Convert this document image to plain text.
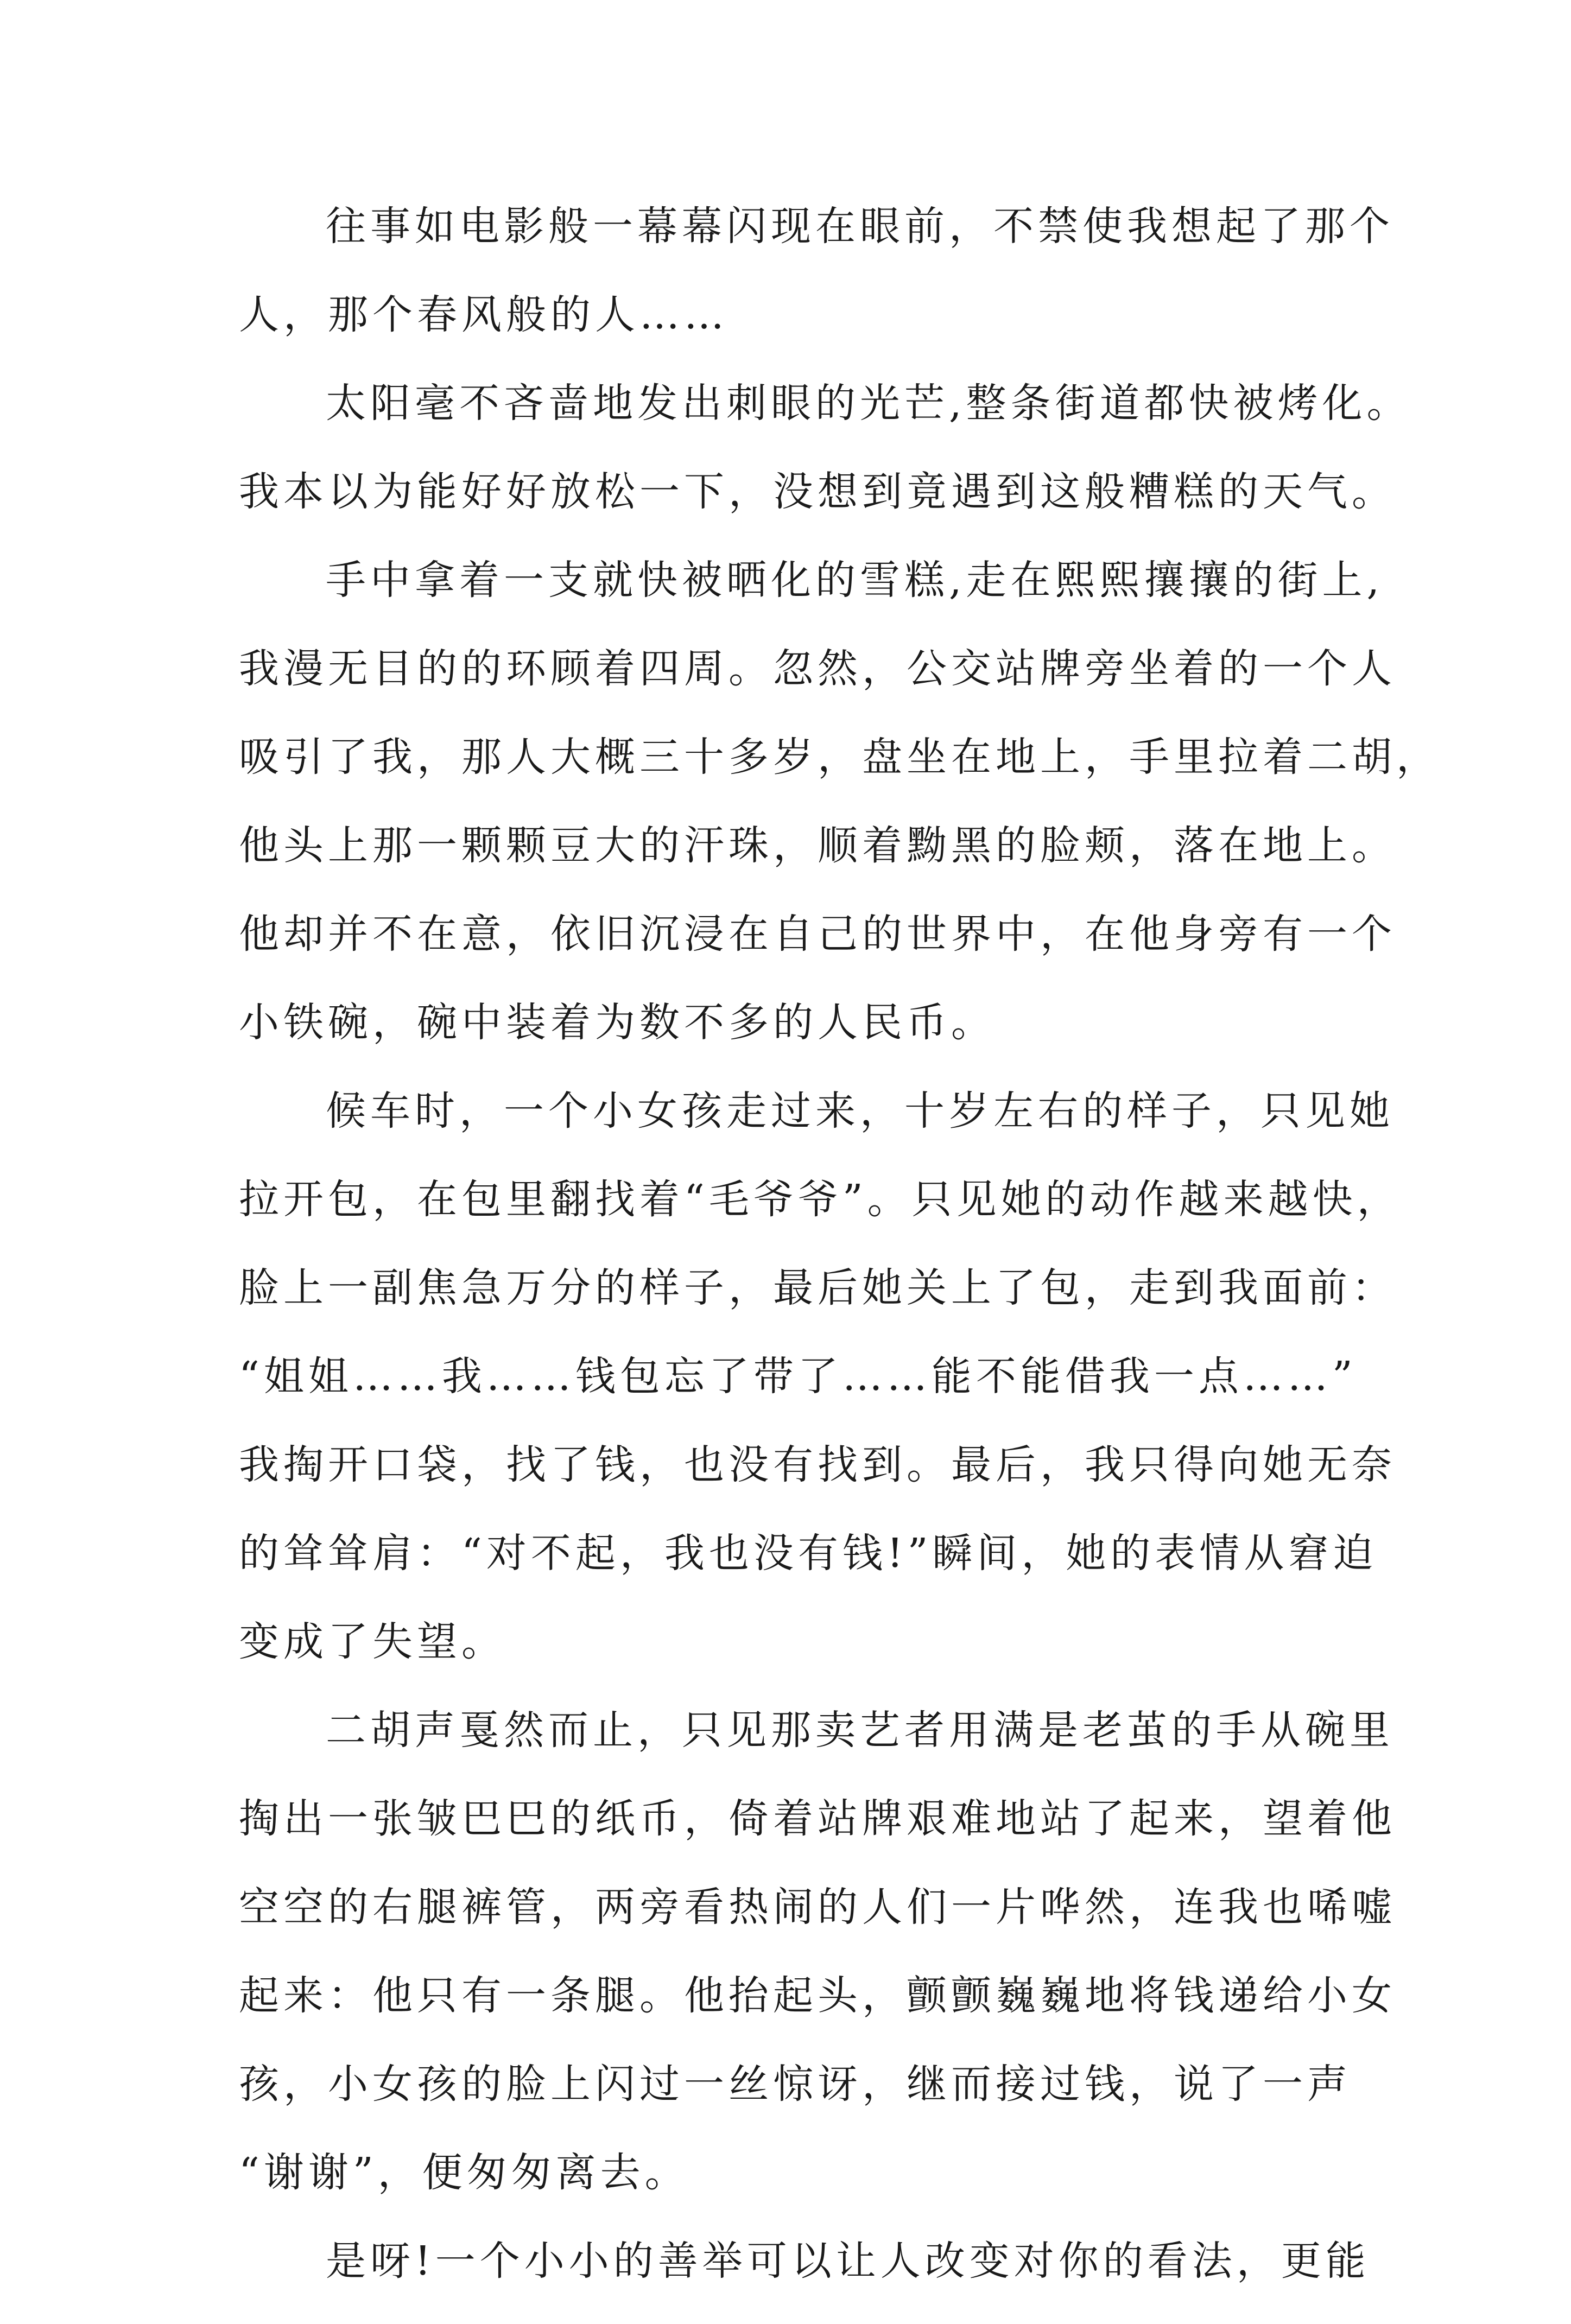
往事如电影般一幕幕闪现在眼前，不禁使我想起了那个
人，那个春风般的人……
太阳毫不吝啬地发出刺眼的光芒,整条街道都快被烤化。
我本以为能好好放松一下，没想到竟遇到这般糟糕的天气。
手中拿着一支就快被晒化的雪糕,走在熙熙攘攘的街上,
我漫无目的的环顾着四周。忽然，公交站牌旁坐着的一个人
吸引了我，那人大概三十多岁，盘坐在地上，手里拉着二胡，
他头上那一颗颗豆大的汗珠，顺着黝黑的脸颊，落在地上。
他却并不在意，依旧沉浸在自己的世界中，在他身旁有一个
小铁碗，碗中装着为数不多的人民币。
候车时，一个小女孩走过来，十岁左右的样子，只见她
拉开包，在包里翻找着“毛爷爷”。只见她的动作越来越快，
脸上一副焦急万分的样子，最后她关上了包，走到我面前：
“姐姐……我……钱包忘了带了……能不能借我一点……”
我掏开口袋，找了钱，也没有找到。最后，我只得向她无奈
的耸耸肩：“对不起，我也没有钱!”瞬间，她的表情从窘迫
变成了失望。
二胡声戛然而止，只见那卖艺者用满是老茧的手从碗里
掏出一张皱巴巴的纸币，倚着站牌艰难地站了起来，望着他
空空的右腿裤管，两旁看热闹的人们一片哗然，连我也唏嘘
起来：他只有一条腿。他抬起头，颤颤巍巍地将钱递给小女
孩，小女孩的脸上闪过一丝惊讶，继而接过钱，说了一声
“谢谢”，便匆匆离去。
是呀!一个小小的善举可以让人改变对你的看法，更能
